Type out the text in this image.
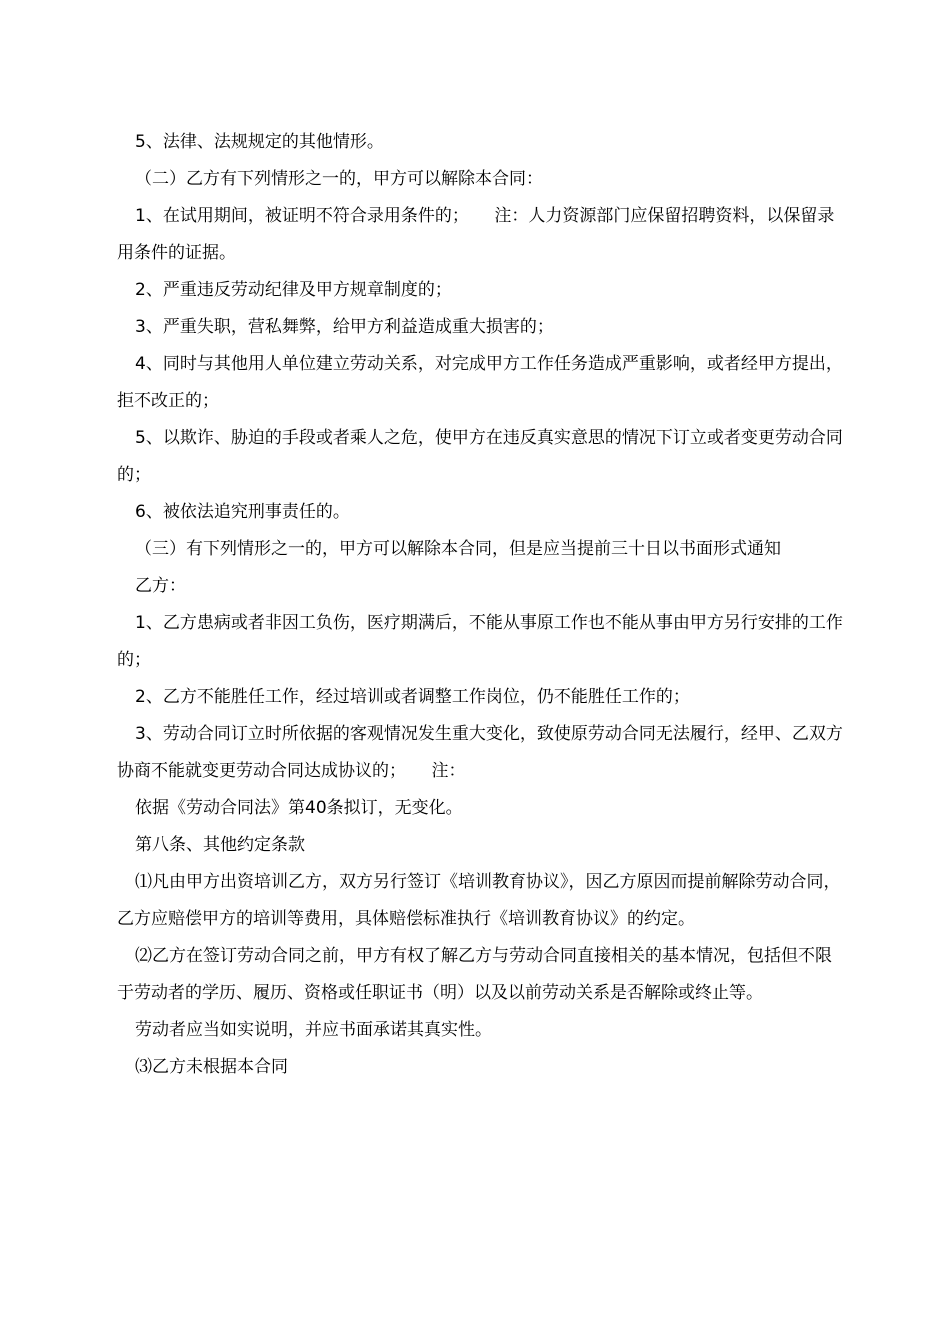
5、法律、法规规定的其他情形。

（二）乙方有下列情形之一的，甲方可以解除本合同：

1、在试用期间，被证明不符合录用条件的；　　注：人力资源部门应保留招聘资料，以保留录用条件的证据。

2、严重违反劳动纪律及甲方规章制度的；

3、严重失职，营私舞弊，给甲方利益造成重大损害的；

4、同时与其他用人单位建立劳动关系，对完成甲方工作任务造成严重影响，或者经甲方提出，拒不改正的；

5、以欺诈、胁迫的手段或者乘人之危，使甲方在违反真实意思的情况下订立或者变更劳动合同的；

6、被依法追究刑事责任的。

（三）有下列情形之一的，甲方可以解除本合同，但是应当提前三十日以书面形式通知

乙方：

1、乙方患病或者非因工负伤，医疗期满后，不能从事原工作也不能从事由甲方另行安排的工作的；

2、乙方不能胜任工作，经过培训或者调整工作岗位，仍不能胜任工作的；

3、劳动合同订立时所依据的客观情况发生重大变化，致使原劳动合同无法履行，经甲、乙双方协商不能就变更劳动合同达成协议的；　　注：

依据《劳动合同法》第40条拟订，无变化。

第八条、其他约定条款

⑴凡由甲方出资培训乙方，双方另行签订《培训教育协议》，因乙方原因而提前解除劳动合同，乙方应赔偿甲方的培训等费用，具体赔偿标准执行《培训教育协议》的约定。

⑵乙方在签订劳动合同之前，甲方有权了解乙方与劳动合同直接相关的基本情况，包括但不限于劳动者的学历、履历、资格或任职证书（明）以及以前劳动关系是否解除或终止等。

劳动者应当如实说明，并应书面承诺其真实性。

⑶乙方未根据本合同
